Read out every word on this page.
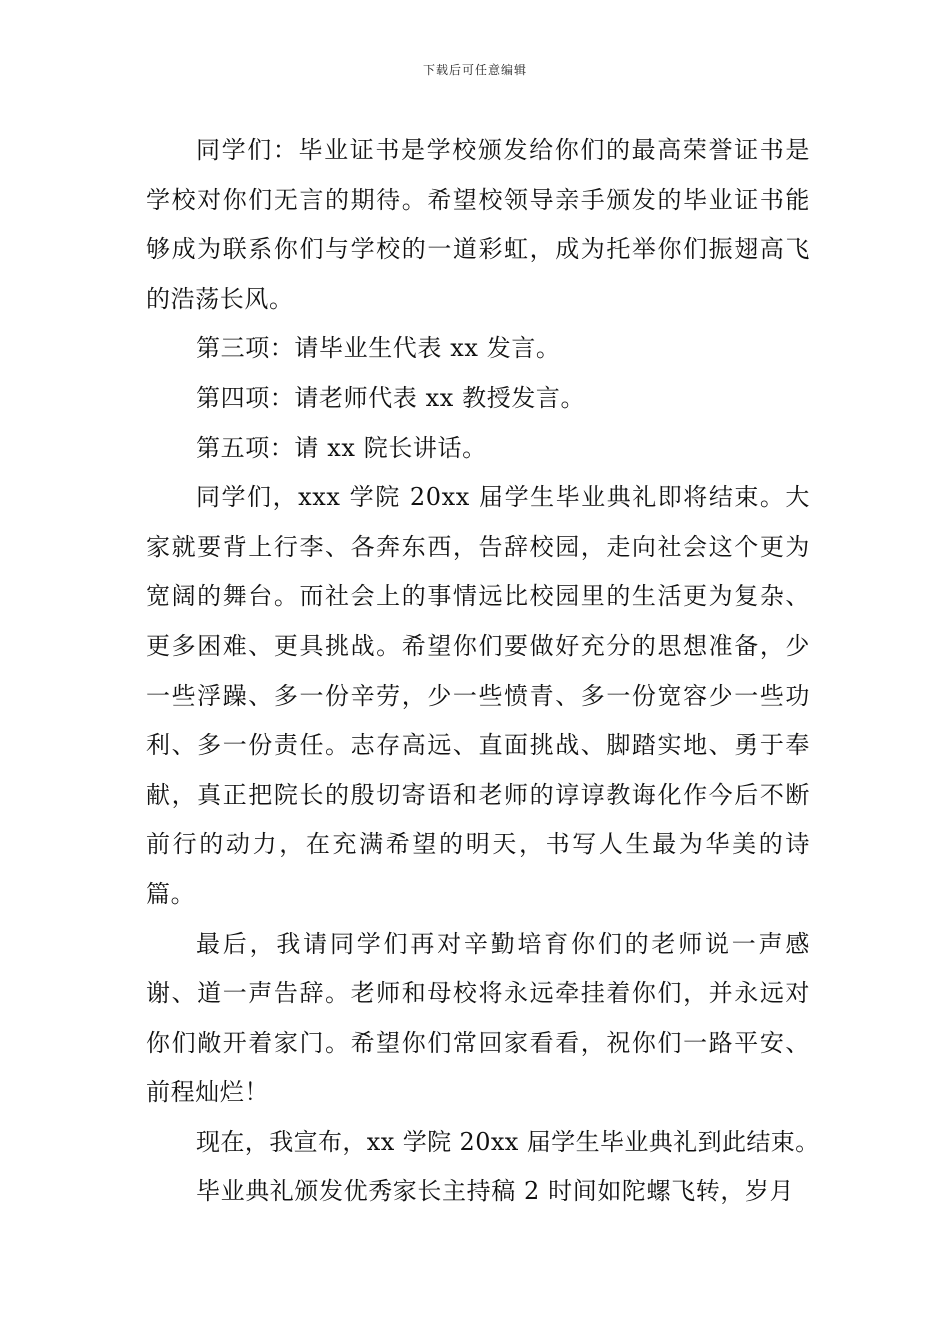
下载后可任意编辑

同学们：毕业证书是学校颁发给你们的最高荣誉证书是学校对你们无言的期待。希望校领导亲手颁发的毕业证书能够成为联系你们与学校的一道彩虹，成为托举你们振翅高飞的浩荡长风。

第三项：请毕业生代表 xx 发言。

第四项：请老师代表 xx 教授发言。

第五项：请 xx 院长讲话。

同学们，xxx 学院 20xx 届学生毕业典礼即将结束。大家就要背上行李、各奔东西，告辞校园，走向社会这个更为宽阔的舞台。而社会上的事情远比校园里的生活更为复杂、更多困难、更具挑战。希望你们要做好充分的思想准备，少一些浮躁、多一份辛劳，少一些愤青、多一份宽容少一些功利、多一份责任。志存高远、直面挑战、脚踏实地、勇于奉献，真正把院长的殷切寄语和老师的谆谆教诲化作今后不断前行的动力，在充满希望的明天，书写人生最为华美的诗篇。

最后，我请同学们再对辛勤培育你们的老师说一声感谢、道一声告辞。老师和母校将永远牵挂着你们，并永远对你们敞开着家门。希望你们常回家看看，祝你们一路平安、前程灿烂！

现在，我宣布，xx 学院 20xx 届学生毕业典礼到此结束。

毕业典礼颁发优秀家长主持稿 2 时间如陀螺飞转，岁月
